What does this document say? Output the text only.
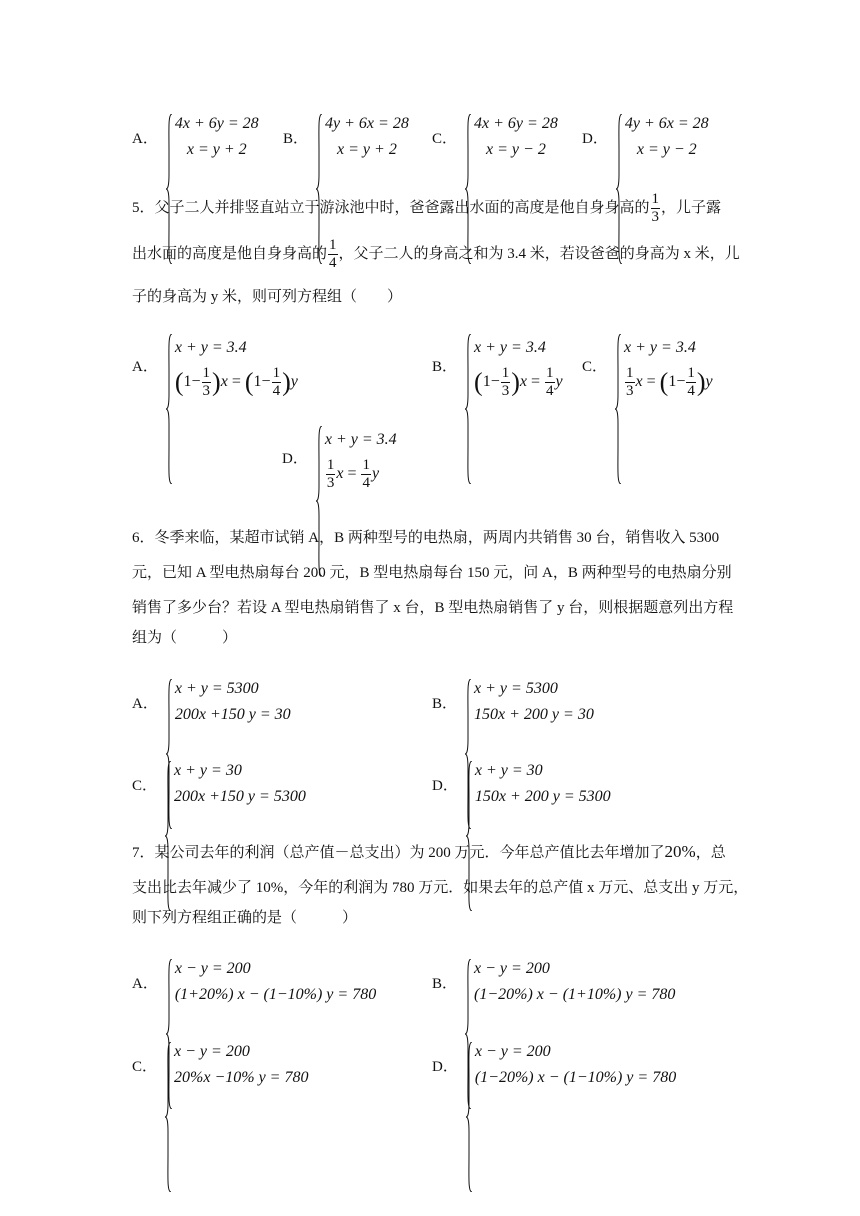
A．
4x + 6y = 28
x = y + 2
B．
4y + 6x = 28
x = y + 2
C．
4x + 6y = 28
x = y − 2
D．
4y + 6x = 28
x = y − 2
5．父子二人并排竖直站立于游泳池中时，爸爸露出水面的高度是他自身身高的 $\frac{1}{3}$ ，儿子露
出水面的高度是他自身身高的 $\frac{1}{4}$ ，父子二人的身高之和为 3.4 米，若设爸爸的身高为 x 米，儿
子的身高为 y 米，则可列方程组（　　）
A．
x + y = 3.4
$(1- \frac{1}{3} )x = (1- \frac{1}{4} )y$
B．
x + y = 3.4
$(1- \frac{1}{3} )x = \frac{1}{4}$ y
C．
x + y = 3.4
$\frac{1}{3}$ $x = (1- \frac{1}{4} )y$
D．
x + y = 3.4
$\frac{1}{3}$ $x = \frac{1}{4}$ y
6．冬季来临，某超市试销 A，B 两种型号的电热扇，两周内共销售 30 台，销售收入 5300
元，已知 A 型电热扇每台 200 元，B 型电热扇每台 150 元，问 A，B 两种型号的电热扇分别
销售了多少台？若设 A 型电热扇销售了 x 台，B 型电热扇销售了 y 台，则根据题意列出方程
组为（　　　）
A．
x + y = 5300
200x +150 y = 30
B．
x + y = 5300
150x + 200 y = 30
C．
x + y = 30
200x +150 y = 5300
D．
x + y = 30
150x + 200 y = 5300
7．某公司去年的利润（总产值－总支出）为 200 万元．今年总产值比去年增加了20%，总
支出比去年减少了 10%，今年的利润为 780 万元．如果去年的总产值 x 万元、总支出 y 万元，
则下列方程组正确的是（　　　）
A．
x − y = 200
(1+20%) x − (1−10%) y = 780
B．
x − y = 200
(1−20%) x − (1+10%) y = 780
C．
x − y = 200
20%x −10% y = 780
D．
x − y = 200
(1−20%) x − (1−10%) y = 780
